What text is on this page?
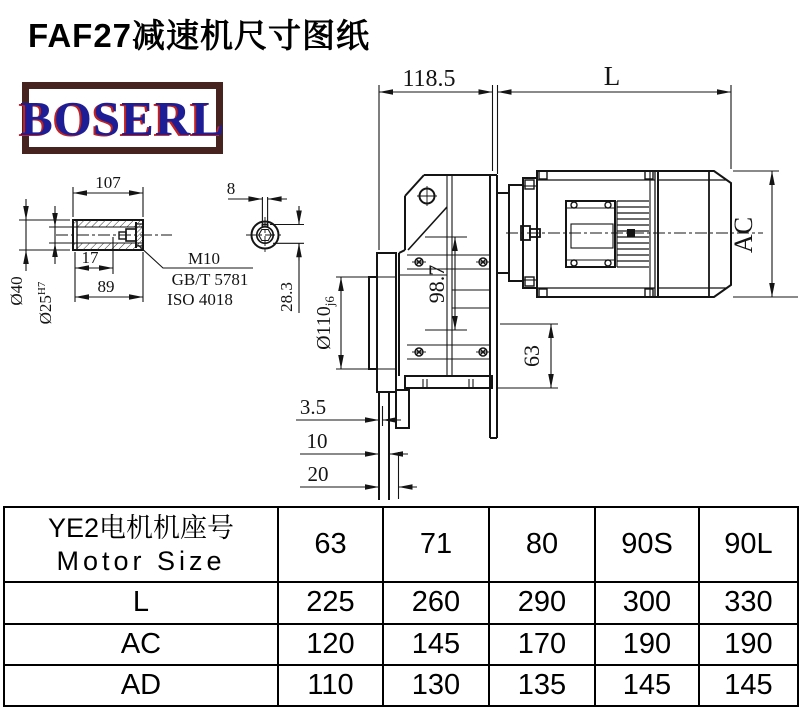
FAF27减速机尺寸图纸
BOSERL
107
17
89
Ø40
$Ø25^{H7}$
M10
GB/T 5781
ISO 4018
8
28.3
118.5	L
AC
98.7
$Ø110_{j6}$
63
3.5
10
20
YE2电机机座号
Motor Size	63	71	80	90S	90L
L	225	260	290	300	330
AC	120	145	170	190	190
AD	110	130	135	145	145
